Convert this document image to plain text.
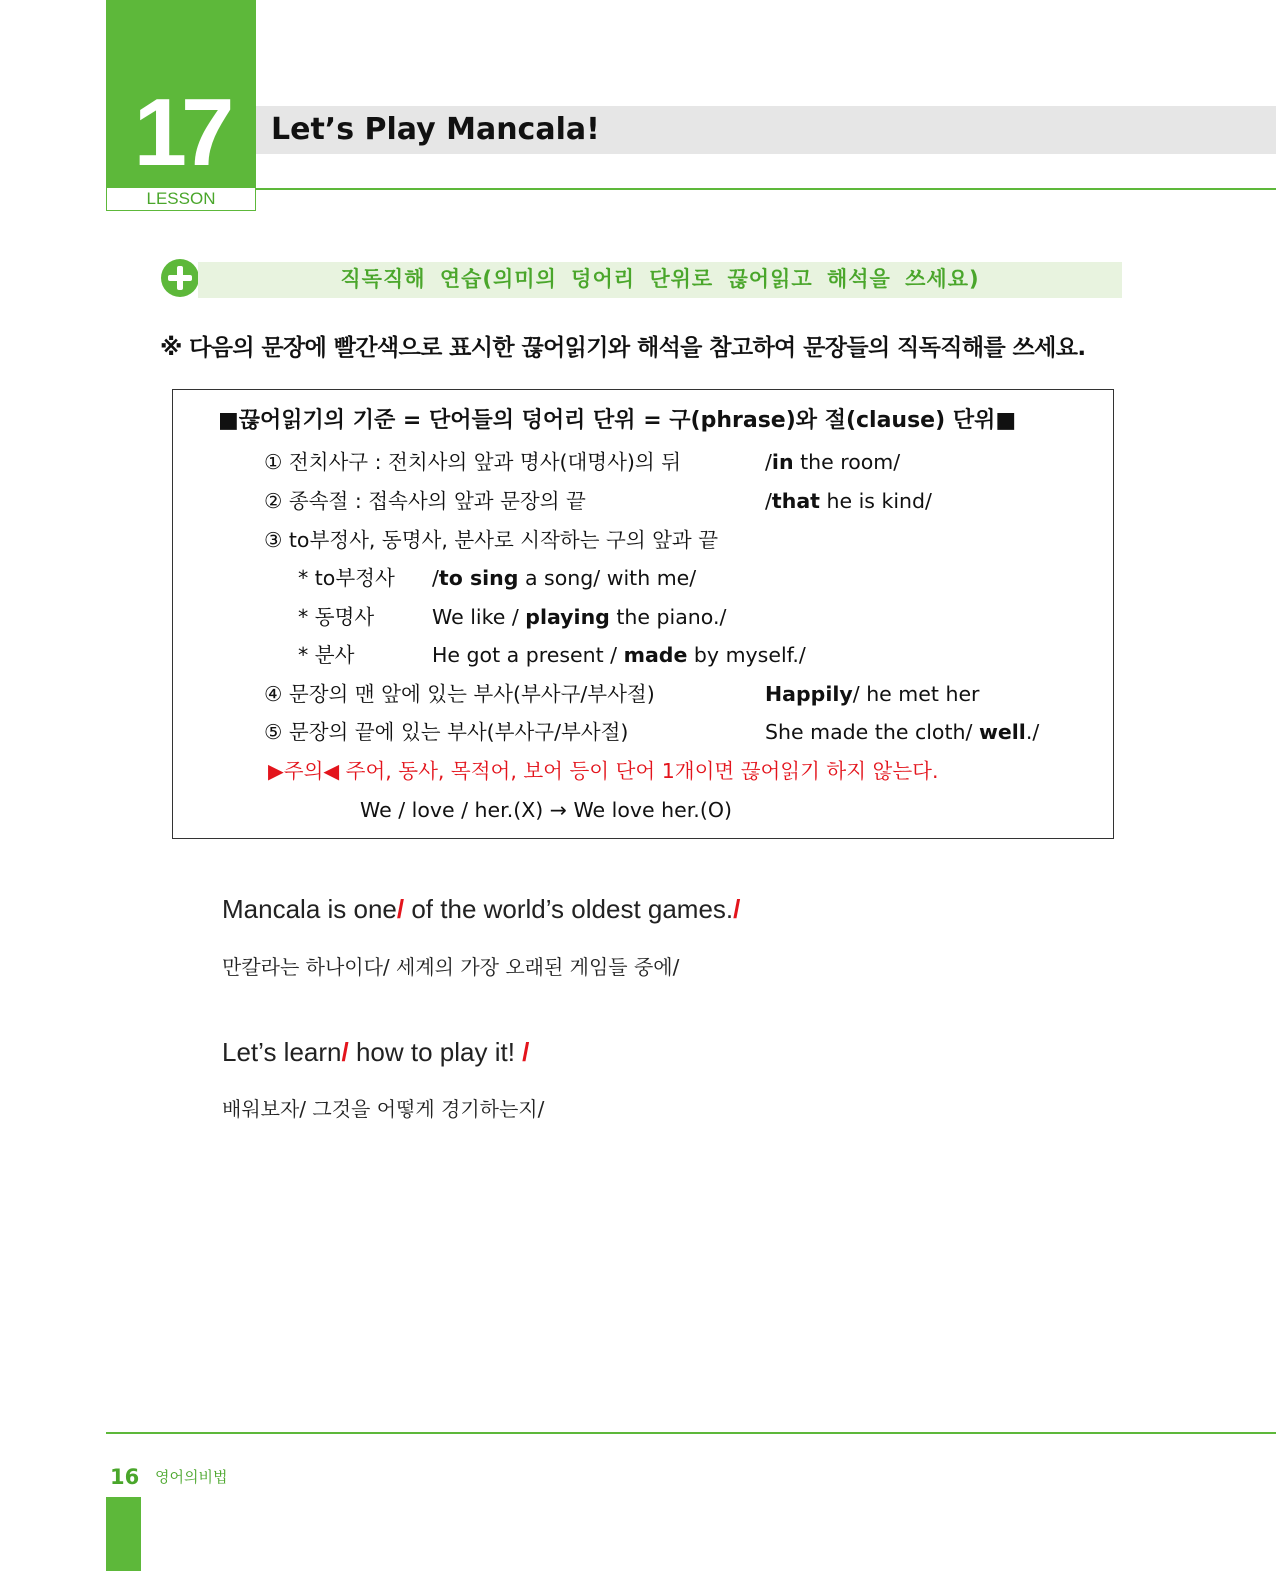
17
LESSON
Let’s Play Mancala!
직독직해 연습(의미의 덩어리 단위로 끊어읽고 해석을 쓰세요)
※ 다음의 문장에 빨간색으로 표시한 끊어읽기와 해석을 참고하여 문장들의 직독직해를 쓰세요.
■끊어읽기의 기준 = 단어들의 덩어리 단위 = 구(phrase)와 절(clause) 단위■
① 전치사구 : 전치사의 앞과 명사(대명사)의 뒤	/in the room/
② 종속절 : 접속사의 앞과 문장의 끝	/that he is kind/
③ to부정사, 동명사, 분사로 시작하는 구의 앞과 끝
* to부정사 /to sing a song/ with me/
* 동명사	We like / playing the piano./
* 분사	He got a present / made by myself./
④ 문장의 맨 앞에 있는 부사(부사구/부사절)	Happily/ he met her
⑤ 문장의 끝에 있는 부사(부사구/부사절)	She made the cloth/ well./
▶주의◀ 주어, 동사, 목적어, 보어 등이 단어 1개이면 끊어읽기 하지 않는다.
We / love / her.(X) → We love her.(O)
Mancala is one/ of the world’s oldest games./
만칼라는 하나이다/ 세계의 가장 오래된 게임들 중에/
Let’s learn/ how to play it! /
배워보자/ 그것을 어떻게 경기하는지/
16 영어의비법
